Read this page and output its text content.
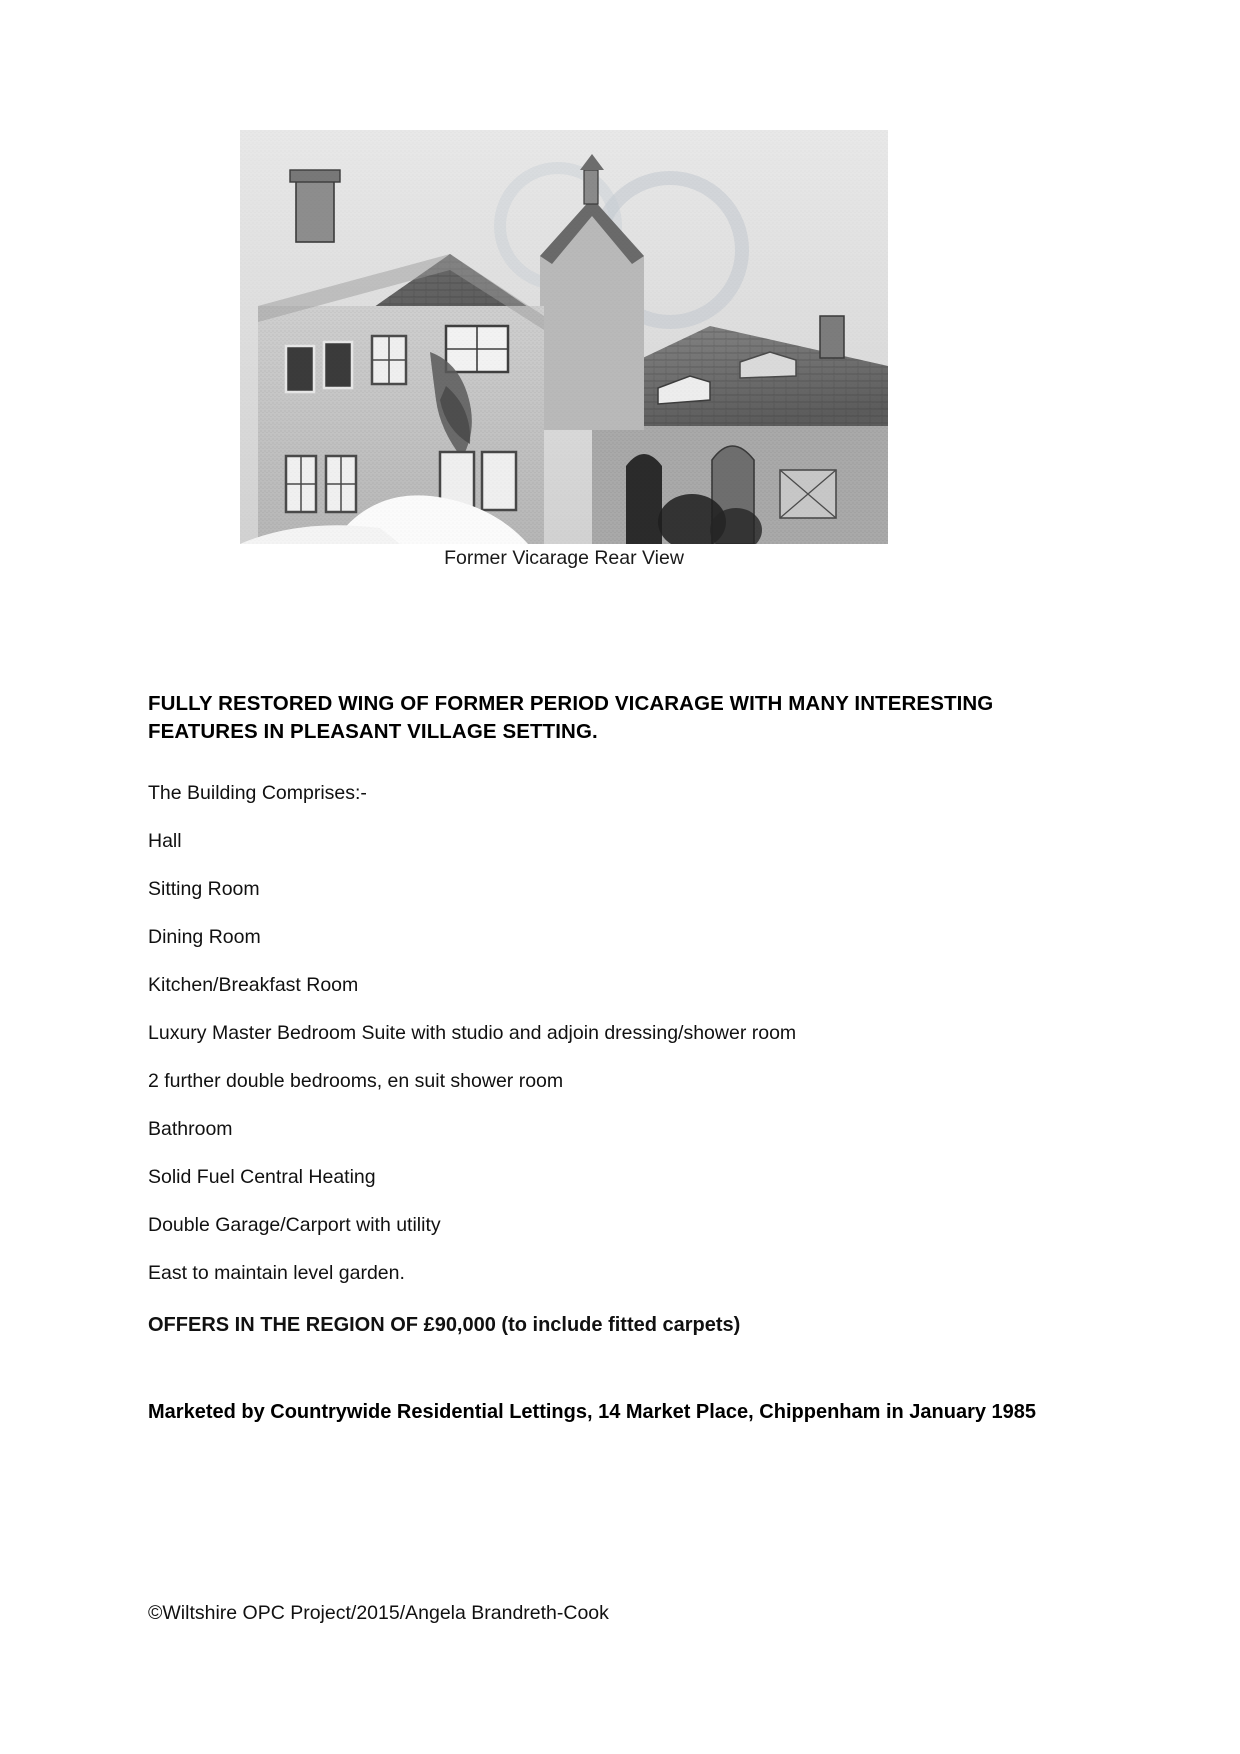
Former Vicarage Rear View

FULLY RESTORED WING OF FORMER PERIOD VICARAGE WITH MANY INTERESTING FEATURES IN PLEASANT VILLAGE SETTING.

The Building Comprises:-

Hall

Sitting Room

Dining Room

Kitchen/Breakfast Room

Luxury Master Bedroom Suite with studio and adjoin dressing/shower room

2 further double bedrooms, en suit shower room

Bathroom

Solid Fuel Central Heating

Double Garage/Carport with utility

East to maintain level garden.

OFFERS IN THE REGION OF £90,000 (to include fitted carpets)

Marketed by Countrywide Residential Lettings, 14 Market Place, Chippenham in January 1985
©Wiltshire OPC Project/2015/Angela Brandreth-Cook
